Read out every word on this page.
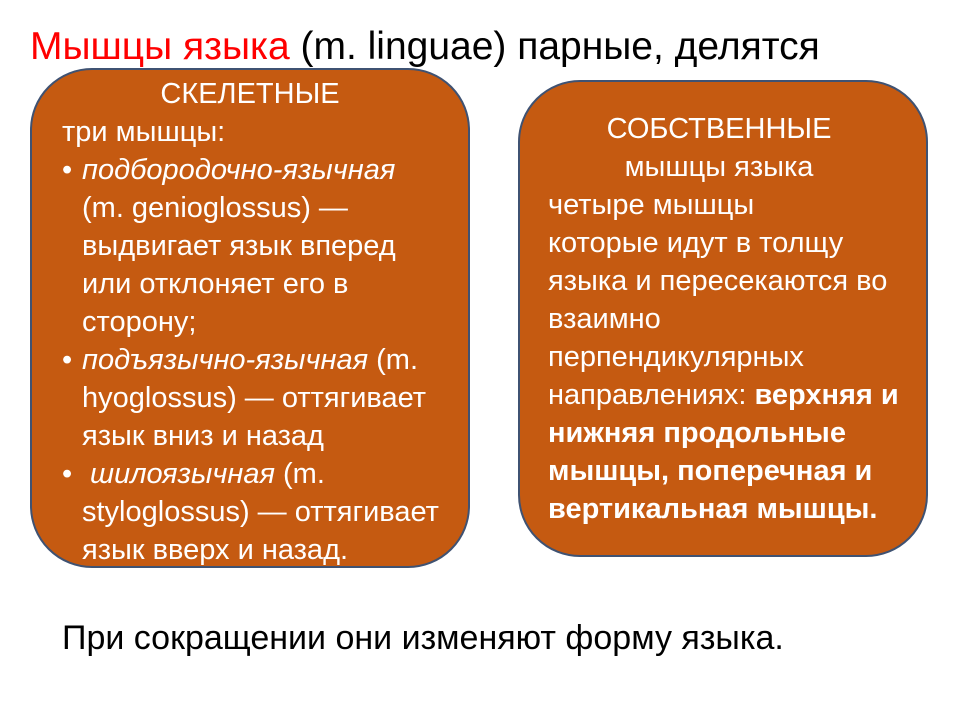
Мышцы языка (m. linguae) парные, делятся
СКЕЛЕТНЫЕ
три мышцы:
• подбородочно-язычная
(m. genioglossus) —
выдвигает язык вперед
или отклоняет его в
сторону;
• подъязычно-язычная (m.
hyoglossus) — оттягивает
язык вниз и назад
• шилоязычная (m.
styloglossus) — оттягивает
язык вверх и назад.
СОБСТВЕННЫЕ
мышцы языка
четыре мышцы
которые идут в толщу
языка и пересекаются во
взаимно
перпендикулярных
направлениях: верхняя и
нижняя продольные
мышцы, поперечная и
вертикальная мышцы.

При сокращении они изменяют форму языка.
